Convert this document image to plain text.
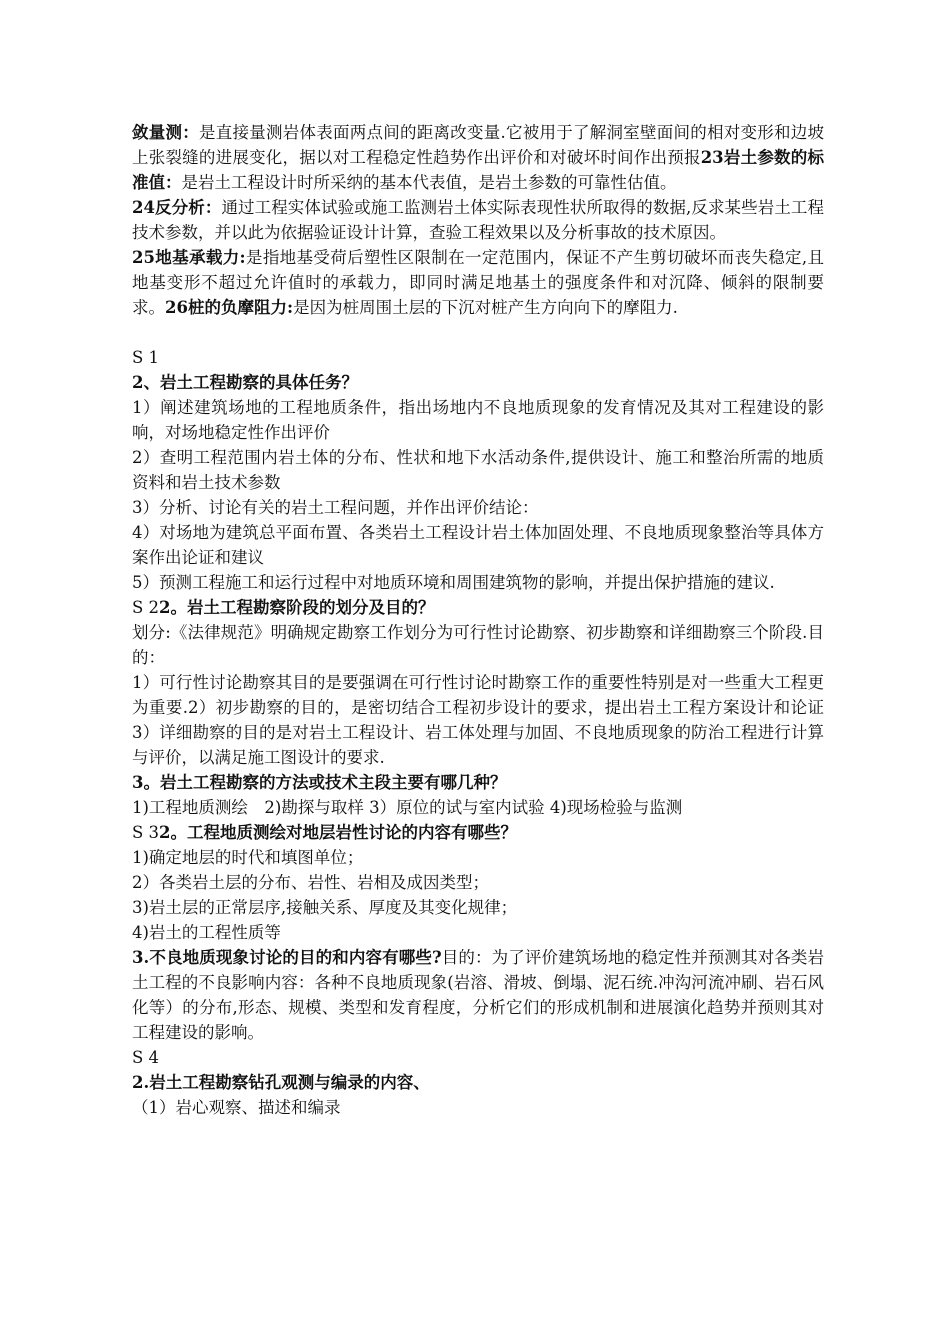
敛量测：是直接量测岩体表面两点间的距离改变量.它被用于了解洞室壁面间的相对变形和边坡上张裂缝的进展变化，据以对工程稳定性趋势作出评价和对破坏时间作出预报23岩土参数的标准值：是岩土工程设计时所采纳的基本代表值，是岩土参数的可靠性估值。

24反分析：通过工程实体试验或施工监测岩土体实际表现性状所取得的数据,反求某些岩土工程技术参数，并以此为依据验证设计计算，查验工程效果以及分析事故的技术原因。

25地基承载力:是指地基受荷后塑性区限制在一定范围内，保证不产生剪切破坏而丧失稳定,且地基变形不超过允许值时的承载力，即同时满足地基土的强度条件和对沉降、倾斜的限制要求。26桩的负摩阻力:是因为桩周围土层的下沉对桩产生方向向下的摩阻力.

S 1

2、岩土工程勘察的具体任务？

1）阐述建筑场地的工程地质条件，指出场地内不良地质现象的发育情况及其对工程建设的影响，对场地稳定性作出评价

2）查明工程范围内岩土体的分布、性状和地下水活动条件,提供设计、施工和整治所需的地质资料和岩土技术参数

3）分析、讨论有关的岩土工程问题，并作出评价结论：

4）对场地为建筑总平面布置、各类岩土工程设计岩土体加固处理、不良地质现象整治等具体方案作出论证和建议

5）预测工程施工和运行过程中对地质环境和周围建筑物的影响，并提出保护措施的建议.

S 22。岩土工程勘察阶段的划分及目的？

划分:《法律规范》明确规定勘察工作划分为可行性讨论勘察、初步勘察和详细勘察三个阶段.目的：

1）可行性讨论勘察其目的是要强调在可行性讨论时勘察工作的重要性特别是对一些重大工程更为重要.2）初步勘察的目的，是密切结合工程初步设计的要求，提出岩土工程方案设计和论证 3）详细勘察的目的是对岩土工程设计、岩工体处理与加固、不良地质现象的防治工程进行计算与评价，以满足施工图设计的要求.

3。岩土工程勘察的方法或技术主段主要有哪几种？

1)工程地质测绘　2)勘探与取样 3）原位的试与室内试验 4)现场检验与监测

S 32。工程地质测绘对地层岩性讨论的内容有哪些？

1)确定地层的时代和填图单位；

2）各类岩土层的分布、岩性、岩相及成因类型；

3)岩土层的正常层序,接触关系、厚度及其变化规律；

4)岩土的工程性质等

3.不良地质现象讨论的目的和内容有哪些?目的：为了评价建筑场地的稳定性并预测其对各类岩土工程的不良影响内容：各种不良地质现象(岩溶、滑坡、倒塌、泥石统.冲沟河流冲刷、岩石风化等）的分布,形态、规模、类型和发育程度，分析它们的形成机制和进展演化趋势并预则其对工程建设的影响。

S 4

2.岩土工程勘察钻孔观测与编录的内容、

（1）岩心观察、描述和编录
